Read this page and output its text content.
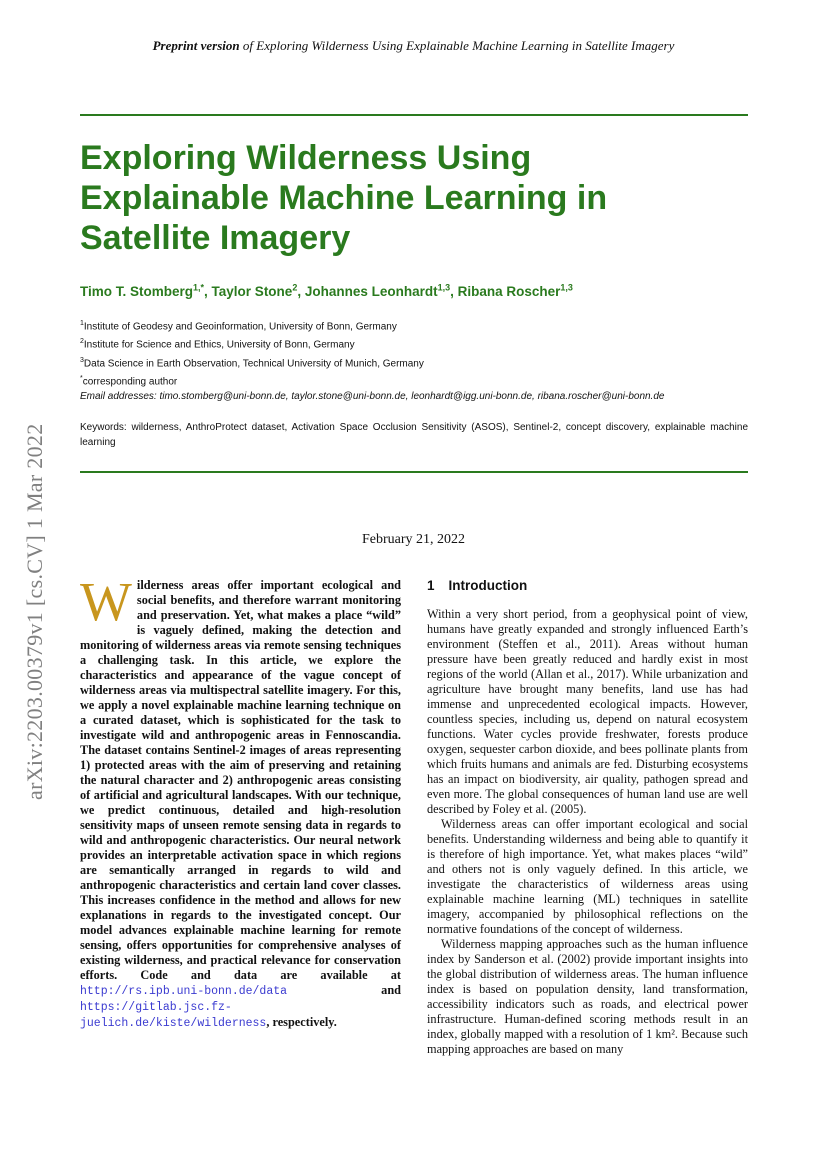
Preprint version of Exploring Wilderness Using Explainable Machine Learning in Satellite Imagery
Exploring Wilderness Using Explainable Machine Learning in Satellite Imagery
Timo T. Stomberg$^{1,*}$, Taylor Stone$^2$, Johannes Leonhardt$^{1,3}$, Ribana Roscher$^{1,3}$
$^1$Institute of Geodesy and Geoinformation, University of Bonn, Germany
$^2$Institute for Science and Ethics, University of Bonn, Germany
$^3$Data Science in Earth Observation, Technical University of Munich, Germany
*corresponding author
Email addresses: timo.stomberg@uni-bonn.de, taylor.stone@uni-bonn.de, leonhardt@igg.uni-bonn.de, ribana.roscher@uni-bonn.de
Keywords: wilderness, AnthroProtect dataset, Activation Space Occlusion Sensitivity (ASOS), Sentinel-2, concept discovery, explainable machine learning
February 21, 2022
arXiv:2203.00379v1 [cs.CV] 1 Mar 2022 Wilderness areas offer important ecological and social benefits, and therefore warrant monitoring and preservation. Yet, what makes a place “wild” is vaguely defined, making the detection and monitoring of wilderness areas via remote sensing techniques a challenging task. In this article, we explore the characteristics and appearance of the vague concept of wilderness areas via multispectral satellite imagery. For this, we apply a novel explainable machine learning technique on a curated dataset, which is sophisticated for the task to investigate wild and anthropogenic areas in Fennoscandia. The dataset contains Sentinel-2 images of areas representing 1) protected areas with the aim of preserving and retaining the natural character and 2) anthropogenic areas consisting of artificial and agricultural landscapes. With our technique, we predict continuous, detailed and high-resolution sensitivity maps of unseen remote sensing data in regards to wild and anthropogenic characteristics. Our neural network provides an interpretable activation space in which regions are semantically arranged in regards to wild and anthropogenic characteristics and certain land cover classes. This increases confidence in the method and allows for new explanations in regards to the investigated concept. Our model advances explainable machine learning for remote sensing, offers opportunities for comprehensive analyses of existing wilderness, and practical relevance for conservation efforts. Code and data are available at http://rs.ipb.uni-bonn.de/data and https://gitlab.jsc.fz-juelich.de/kiste/wilderness, respectively.
1 Introduction

Within a very short period, from a geophysical point of view, humans have greatly expanded and strongly influenced Earth’s environment (Steffen et al., 2011). Areas without human pressure have been greatly reduced and hardly exist in most regions of the world (Allan et al., 2017). While urbanization and agriculture have brought many benefits, land use has had immense and unprecedented ecological impacts. However, countless species, including us, depend on natural ecosystem functions. Water cycles provide freshwater, forests produce oxygen, sequester carbon dioxide, and bees pollinate plants from which fruits humans and animals are fed. Disturbing ecosystems has an impact on biodiversity, air quality, pathogen spread and even more. The global consequences of human land use are well described by Foley et al. (2005).

Wilderness areas can offer important ecological and social benefits. Understanding wilderness and being able to quantify it is therefore of high importance. Yet, what makes places “wild” and others not is only vaguely defined. In this article, we investigate the characteristics of wilderness areas using explainable machine learning (ML) techniques in satellite imagery, accompanied by philosophical reflections on the normative foundations of the concept of wilderness.

Wilderness mapping approaches such as the human influence index by Sanderson et al. (2002) provide important insights into the global distribution of wilderness areas. The human influence index is based on population density, land transformation, accessibility indicators such as roads, and electrical power infrastructure. Human-defined scoring methods result in an index, globally mapped with a resolution of 1 km². Because such mapping approaches are based on many
